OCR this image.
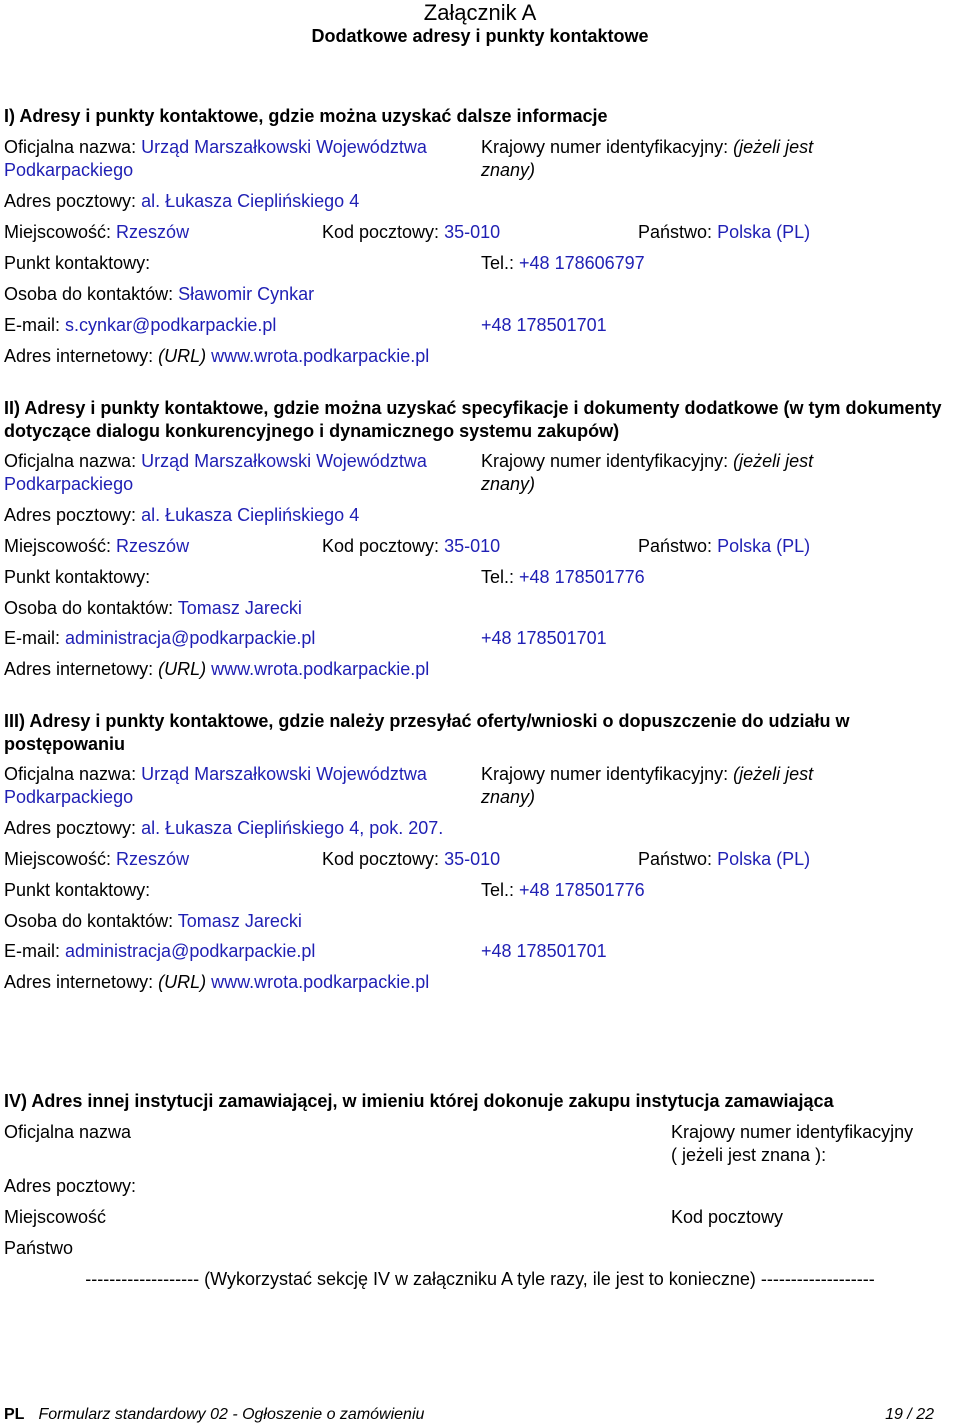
Załącznik A
Dodatkowe adresy i punkty kontaktowe
I) Adresy i punkty kontaktowe, gdzie można uzyskać dalsze informacje
Oficjalna nazwa: Urząd Marszałkowski Województwa
Podkarpackiego
Krajowy numer identyfikacyjny: (jeżeli jest
znany)
Adres pocztowy: al. Łukasza Cieplińskiego 4
Miejscowość: Rzeszów	Kod pocztowy: 35-010	Państwo: Polska (PL)
Punkt kontaktowy:	Tel.: +48 178606797
Osoba do kontaktów: Sławomir Cynkar
E-mail: s.cynkar@podkarpackie.pl	+48 178501701
Adres internetowy: (URL) www.wrota.podkarpackie.pl
II) Adresy i punkty kontaktowe, gdzie można uzyskać specyfikacje i dokumenty dodatkowe (w tym dokumenty dotyczące dialogu konkurencyjnego i dynamicznego systemu zakupów)
Oficjalna nazwa: Urząd Marszałkowski Województwa
Podkarpackiego
Krajowy numer identyfikacyjny: (jeżeli jest
znany)
Adres pocztowy: al. Łukasza Cieplińskiego 4
Miejscowość: Rzeszów	Kod pocztowy: 35-010	Państwo: Polska (PL)
Punkt kontaktowy:	Tel.: +48 178501776
Osoba do kontaktów: Tomasz Jarecki
E-mail: administracja@podkarpackie.pl	+48 178501701
Adres internetowy: (URL) www.wrota.podkarpackie.pl
III) Adresy i punkty kontaktowe, gdzie należy przesyłać oferty/wnioski o dopuszczenie do udziału w postępowaniu
Oficjalna nazwa: Urząd Marszałkowski Województwa
Podkarpackiego
Krajowy numer identyfikacyjny: (jeżeli jest
znany)
Adres pocztowy: al. Łukasza Cieplińskiego 4, pok. 207.
Miejscowość: Rzeszów	Kod pocztowy: 35-010	Państwo: Polska (PL)
Punkt kontaktowy:	Tel.: +48 178501776
Osoba do kontaktów: Tomasz Jarecki
E-mail: administracja@podkarpackie.pl	+48 178501701
Adres internetowy: (URL) www.wrota.podkarpackie.pl
IV) Adres innej instytucji zamawiającej, w imieniu której dokonuje zakupu instytucja zamawiająca
Oficjalna nazwa	Krajowy numer identyfikacyjny
( jeżeli jest znana ):
Adres pocztowy:
Miejscowość	Kod pocztowy
Państwo
------------------- (Wykorzystać sekcję IV w załączniku A tyle razy, ile jest to konieczne) -------------------
PL Formularz standardowy 02 - Ogłoszenie o zamówieniu	19 / 22
